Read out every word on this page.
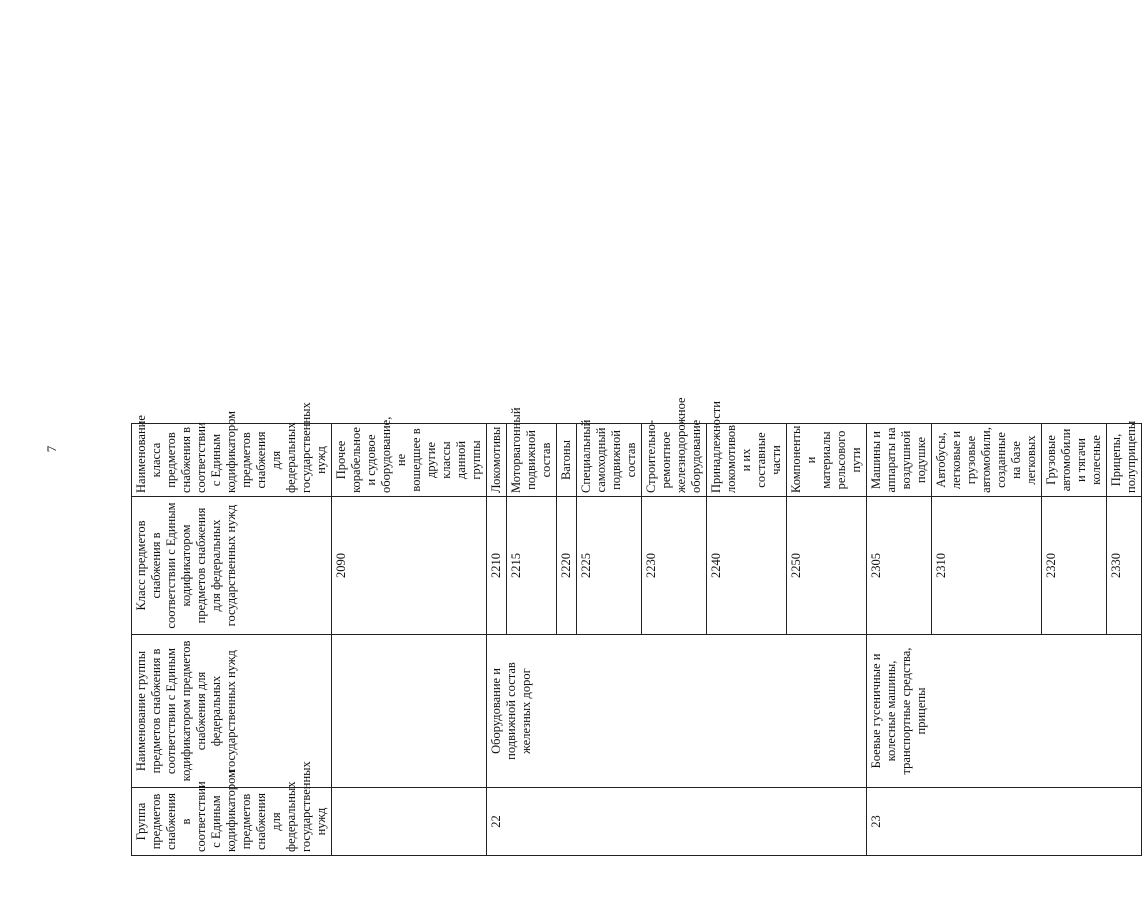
7
Группа предметов снабжения в соответствии с Единым кодификатором предметов снабжения для федеральных государственных нужд	Наименование группы предметов снабжения в соответствии с Единым кодификатором предметов снабжения для федеральных государственных нужд	Класс предметов снабжения в соответствии с Единым кодификатором предметов снабжения для федеральных государственных нужд	Наименование класса предметов снабжения в соответствии с Единым кодификатором предметов снабжения для федеральных государственных нужд
		2090	Прочее корабельное и судовое оборудование, не вошедшее в другие классы данной группы
22	Оборудование и подвижной состав железных дорог	2210	Локомотивы
		2215	Моторвагонный подвижной состав
		2220	Вагоны
		2225	Специальный самоходный подвижной состав
		2230	Строительно-ремонтное железнодорожное оборудование
		2240	Принадлежности локомотивов и их составные части
		2250	Компоненты и материалы рельсового пути
23	Боевые гусеничные и колесные машины, транспортные средства, прицепы	2305	Машины и аппараты на воздушной подушке
		2310	Автобусы, легковые и грузовые автомобили, созданные на базе легковых
		2320	Грузовые автомобили и тягачи колесные
		2330	Прицепы, полуприцепы
